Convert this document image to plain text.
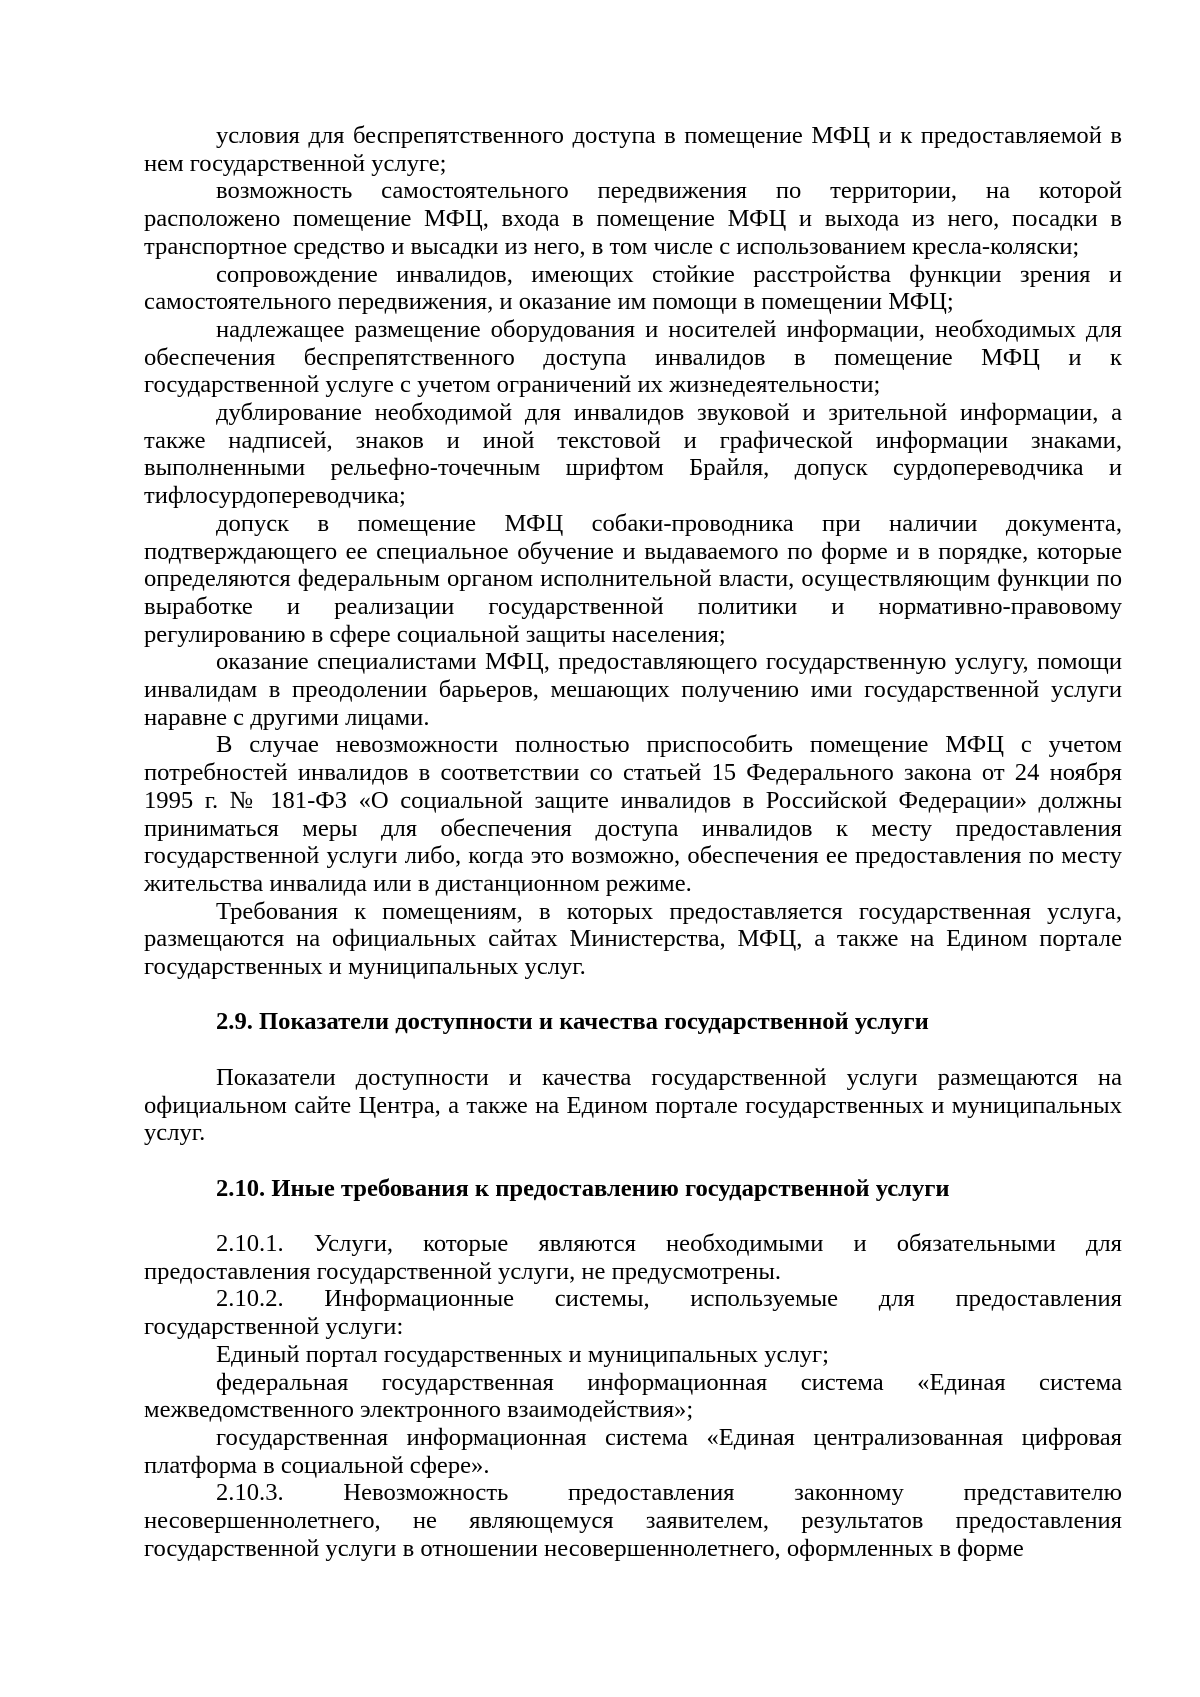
условия для беспрепятственного доступа в помещение МФЦ и к предоставляемой в нем государственной услуге;

возможность самостоятельного передвижения по территории, на которой расположено помещение МФЦ, входа в помещение МФЦ и выхода из него, посадки в транспортное средство и высадки из него, в том числе с использованием кресла-коляски;

сопровождение инвалидов, имеющих стойкие расстройства функции зрения и самостоятельного передвижения, и оказание им помощи в помещении МФЦ;

надлежащее размещение оборудования и носителей информации, необходимых для обеспечения беспрепятственного доступа инвалидов в помещение МФЦ и к государственной услуге с учетом ограничений их жизнедеятельности;

дублирование необходимой для инвалидов звуковой и зрительной информации, а также надписей, знаков и иной текстовой и графической информации знаками, выполненными рельефно-точечным шрифтом Брайля, допуск сурдопереводчика и тифлосурдопереводчика;

допуск в помещение МФЦ собаки-проводника при наличии документа, подтверждающего ее специальное обучение и выдаваемого по форме и в порядке, которые определяются федеральным органом исполнительной власти, осуществляющим функции по выработке и реализации государственной политики и нормативно-правовому регулированию в сфере социальной защиты населения;

оказание специалистами МФЦ, предоставляющего государственную услугу, помощи инвалидам в преодолении барьеров, мешающих получению ими государственной услуги наравне с другими лицами.

В случае невозможности полностью приспособить помещение МФЦ с учетом потребностей инвалидов в соответствии со статьей 15 Федерального закона от 24 ноября 1995 г. № 181-ФЗ «О социальной защите инвалидов в Российской Федерации» должны приниматься меры для обеспечения доступа инвалидов к месту предоставления государственной услуги либо, когда это возможно, обеспечения ее предоставления по месту жительства инвалида или в дистанционном режиме.

Требования к помещениям, в которых предоставляется государственная услуга, размещаются на официальных сайтах Министерства, МФЦ, а также на Едином портале государственных и муниципальных услуг.

2.9. Показатели доступности и качества государственной услуги

Показатели доступности и качества государственной услуги размещаются на официальном сайте Центра, а также на Едином портале государственных и муниципальных услуг.

2.10. Иные требования к предоставлению государственной услуги

2.10.1. Услуги, которые являются необходимыми и обязательными для предоставления государственной услуги, не предусмотрены.

2.10.2. Информационные системы, используемые для предоставления государственной услуги:

Единый портал государственных и муниципальных услуг;

федеральная государственная информационная система «Единая система межведомственного электронного взаимодействия»;

государственная информационная система «Единая централизованная цифровая платформа в социальной сфере».

2.10.3. Невозможность предоставления законному представителю несовершеннолетнего, не являющемуся заявителем, результатов предоставления государственной услуги в отношении несовершеннолетнего, оформленных в форме
